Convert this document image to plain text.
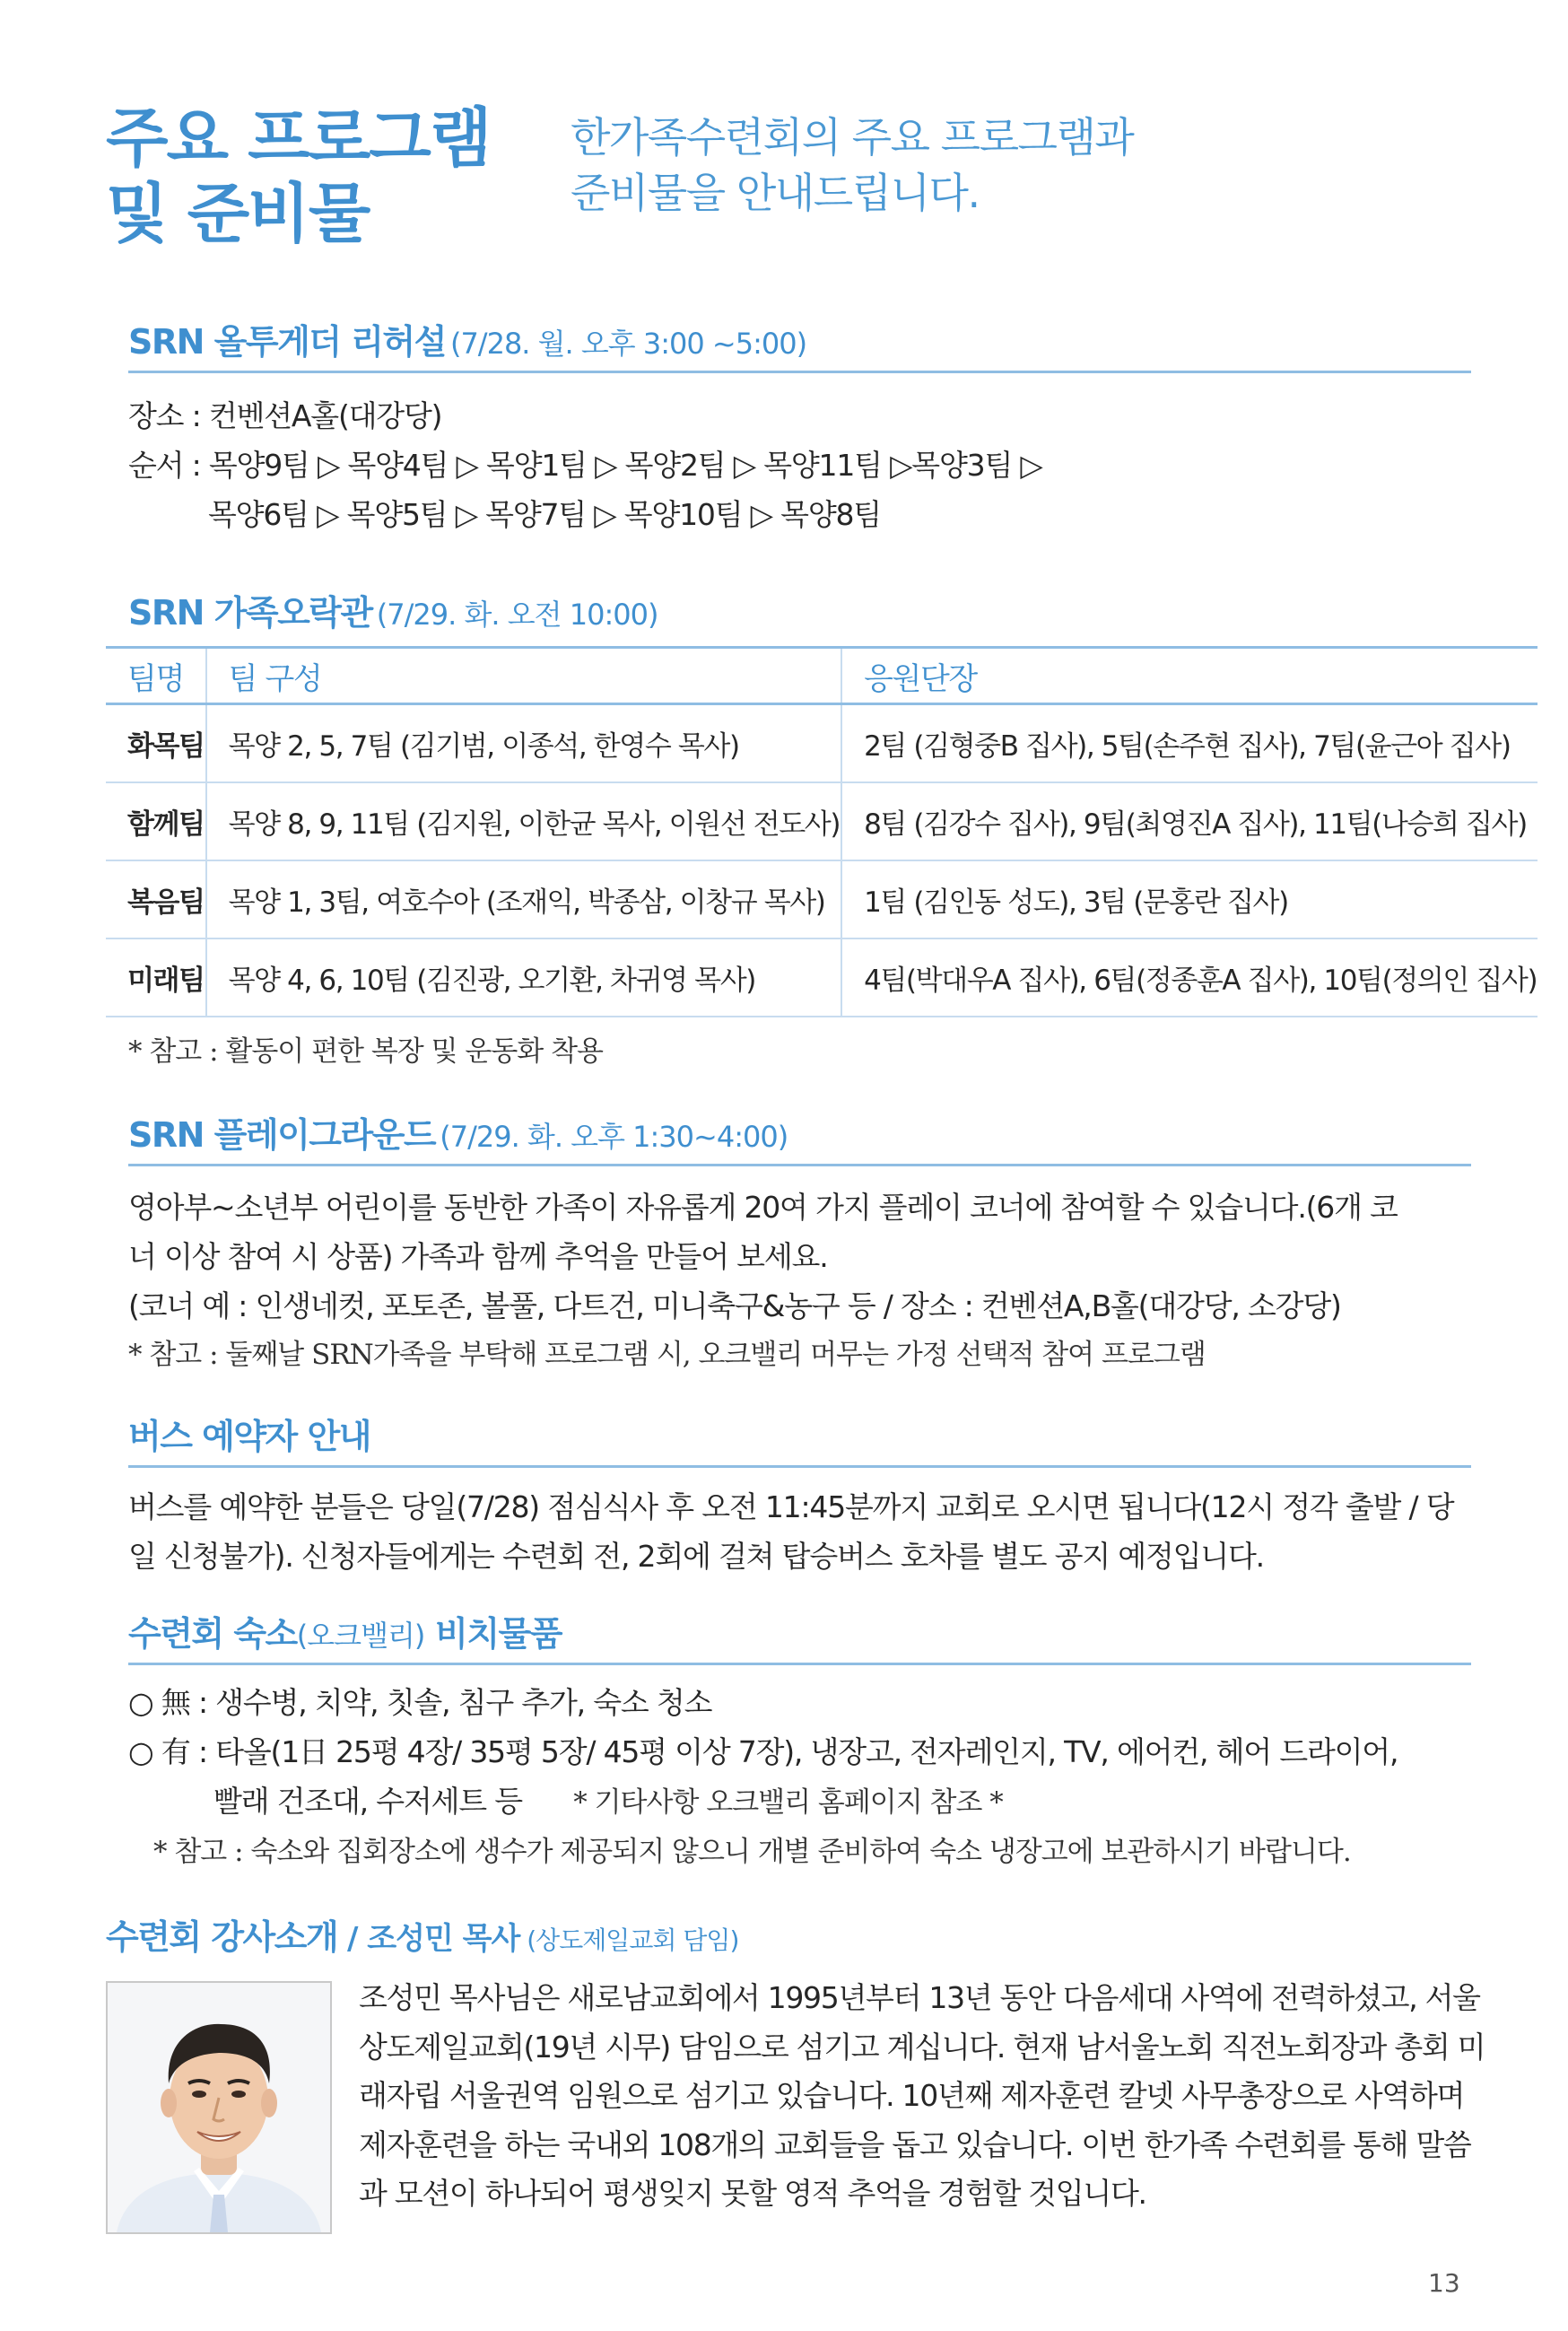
주요 프로그램
및 준비물
한가족수련회의 주요 프로그램과
준비물을 안내드립니다.
SRN 올투게더 리허설 (7/28. 월. 오후 3:00 ~5:00)
장소 : 컨벤션A홀(대강당)
순서 : 목양9팀 ▷ 목양4팀 ▷ 목양1팀 ▷ 목양2팀 ▷ 목양11팀 ▷목양3팀 ▷
목양6팀 ▷ 목양5팀 ▷ 목양7팀 ▷ 목양10팀 ▷ 목양8팀
SRN 가족오락관 (7/29. 화. 오전 10:00)
팀명	팀 구성	응원단장
화목팀	목양 2, 5, 7팀 (김기범, 이종석, 한영수 목사)	2팀 (김형중B 집사), 5팀(손주현 집사), 7팀(윤근아 집사)
함께팀	목양 8, 9, 11팀 (김지원, 이한균 목사, 이원선 전도사)	8팀 (김강수 집사), 9팀(최영진A 집사), 11팀(나승희 집사)
복음팀	목양 1, 3팀, 여호수아 (조재익, 박종삼, 이창규 목사)	1팀 (김인동 성도), 3팀 (문홍란 집사)
미래팀	목양 4, 6, 10팀 (김진광, 오기환, 차귀영 목사)	4팀(박대우A 집사), 6팀(정종훈A 집사), 10팀(정의인 집사)
* 참고 : 활동이 편한 복장 및 운동화 착용
SRN 플레이그라운드 (7/29. 화. 오후 1:30~4:00)
영아부~소년부 어린이를 동반한 가족이 자유롭게 20여 가지 플레이 코너에 참여할 수 있습니다.(6개 코
너 이상 참여 시 상품) 가족과 함께 추억을 만들어 보세요.
(코너 예 : 인생네컷, 포토존, 볼풀, 다트건, 미니축구&농구 등 / 장소 : 컨벤션A,B홀(대강당, 소강당)
* 참고 : 둘째날 SRN가족을 부탁해 프로그램 시, 오크밸리 머무는 가정 선택적 참여 프로그램
버스 예약자 안내
버스를 예약한 분들은 당일(7/28) 점심식사 후 오전 11:45분까지 교회로 오시면 됩니다(12시 정각 출발 / 당
일 신청불가). 신청자들에게는 수련회 전, 2회에 걸쳐 탑승버스 호차를 별도 공지 예정입니다.
수련회 숙소(오크밸리) 비치물품
○ 無 : 생수병, 치약, 칫솔, 침구 추가, 숙소 청소
○ 有 : 타올(1日 25평 4장/ 35평 5장/ 45평 이상 7장), 냉장고, 전자레인지, TV, 에어컨, 헤어 드라이어,
빨래 건조대, 수저세트 등 * 기타사항 오크밸리 홈페이지 참조 *
* 참고 : 숙소와 집회장소에 생수가 제공되지 않으니 개별 준비하여 숙소 냉장고에 보관하시기 바랍니다.
수련회 강사소개 / 조성민 목사 (상도제일교회 담임)
조성민 목사님은 새로남교회에서 1995년부터 13년 동안 다음세대 사역에 전력하셨고, 서울
상도제일교회(19년 시무) 담임으로 섬기고 계십니다. 현재 남서울노회 직전노회장과 총회 미
래자립 서울권역 임원으로 섬기고 있습니다. 10년째 제자훈련 칼넷 사무총장으로 사역하며
제자훈련을 하는 국내외 108개의 교회들을 돕고 있습니다. 이번 한가족 수련회를 통해 말씀
과 모션이 하나되어 평생잊지 못할 영적 추억을 경험할 것입니다.
13
